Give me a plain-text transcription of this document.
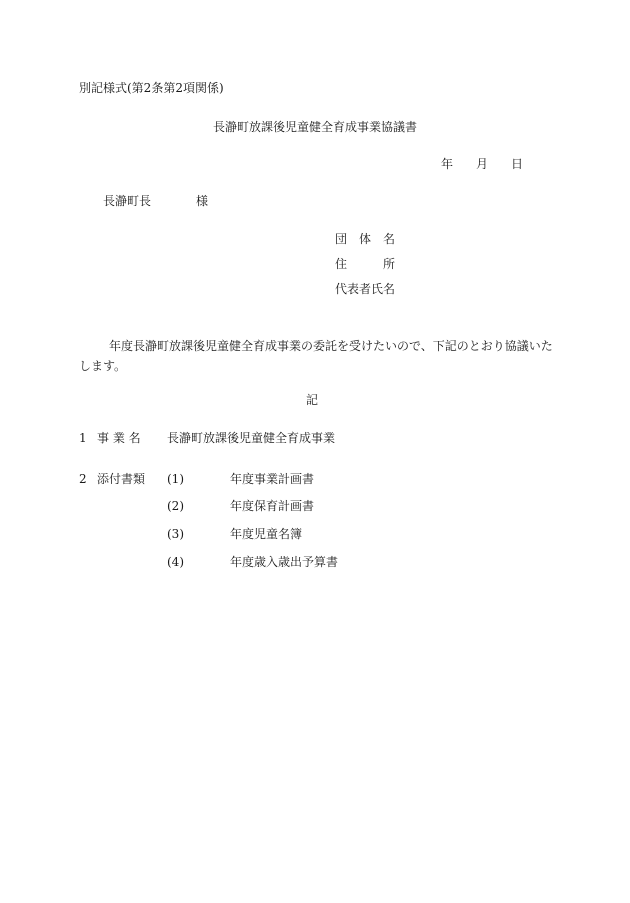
別記様式(第2条第2項関係)
長瀞町放課後児童健全育成事業協議書
年 月 日
長瀞町長	様
団　体　名
住　　　所
代表者氏名
年度長瀞町放課後児童健全育成事業の委託を受けたいので、下記のとおり協議いたします。
記
1 事 業 名 長瀞町放課後児童健全育成事業
2 添付書類 (1)	年度事業計画書
(2)	年度保育計画書
(3)	年度児童名簿
(4)	年度歳入歳出予算書
